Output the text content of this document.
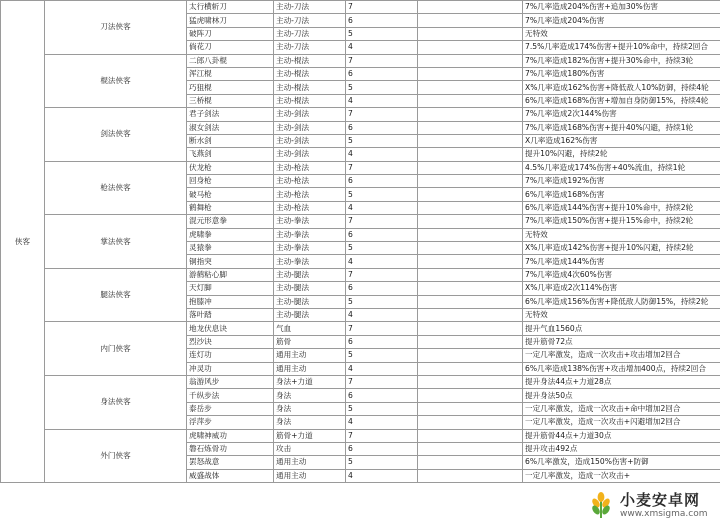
侠客	刀法侠客	太行横斩刀	主动-刀法	7		7%几率造成204%伤害+追加30%伤害
		猛虎啸林刀	主动-刀法	6		7%几率造成204%伤害
		破阵刀	主动-刀法	5		无特效
		倘花刀	主动-刀法	4		7.5%几率造成174%伤害+提升10%命中，持续2回合
	棍法侠客	二郎八卦棍	主动-棍法	7		7%几率造成182%伤害+提升30%命中，持续3轮
		浑江棍	主动-棍法	6		7%几率造成180%伤害
		巧狙棍	主动-棍法	5		X%几率造成162%伤害+降低敌人10%防御，持续4轮
		三桥棍	主动-棍法	4		6%几率造成168%伤害+增加自身防御15%，持续4轮
	剑法侠客	君子剑法	主动-剑法	7		7%几率造成2次144%伤害
		淑女剑法	主动-剑法	6		7%几率造成168%伤害+提升40%闪避，持续1轮
		断水剑	主动-剑法	5		X几率造成162%伤害
		飞燕剑	主动-剑法	4		提升10%闪避，持续2轮
	枪法侠客	伏龙枪	主动-枪法	7		4.5%几率造成174%伤害+40%流血，持续1轮
		回身枪	主动-枪法	6		7%几率造成192%伤害
		破马枪	主动-枪法	5		6%几率造成168%伤害
		鹤舞枪	主动-枪法	4		6%几率造成144%伤害+提升10%命中，持续2轮
	掌法侠客	混元形意拳	主动-拳法	7		7%几率造成150%伤害+提升15%命中，持续2轮
		虎啸拳	主动-拳法	6		无特效
		灵猿拳	主动-拳法	5		X%几率造成142%伤害+提升10%闪避，持续2轮
		铜指突	主动-拳法	4		7%几率造成144%伤害
	腿法侠客	游鹤粘心脚	主动-腿法	7		7%几率造成4次60%伤害
		天灯脚	主动-腿法	6		X%几率造成2次114%伤害
		抱膝冲	主动-腿法	5		6%几率造成156%伤害+降低敌人防御15%，持续2轮
		落叶踏	主动-腿法	4		无特效
	内门侠客	地龙伏息诀	气血	7		提升气血1560点
		烈沙诀	筋骨	6		提升筋骨72点
		连灯功	通用主动	5		一定几率激发，造成一次攻击+攻击增加2回合
		冲灵功	通用主动	4		6%几率造成138%伤害+攻击增加400点，持续2回合
	身法侠客	翁游风步	身法+力道	7		提升身法44点+力道28点
		千纵步法	身法	6		提升身法50点
		泰岳步	身法	5		一定几率激发，造成一次攻击+命中增加2回合
		浮萍步	身法	4		一定几率激发，造成一次攻击+闪避增加2回合
	外门侠客	虎啸神威功	筋骨+力道	7		提升筋骨44点+力道30点
		磐石炼骨功	攻击	6		提升攻击492点
		罢怒战意	通用主动	5		6%几率激发，造成150%伤害+防御
		威盛战体	通用主动	4		一定几率激发，造成一次攻击+
小麦安卓网
www.xmsigma.com
